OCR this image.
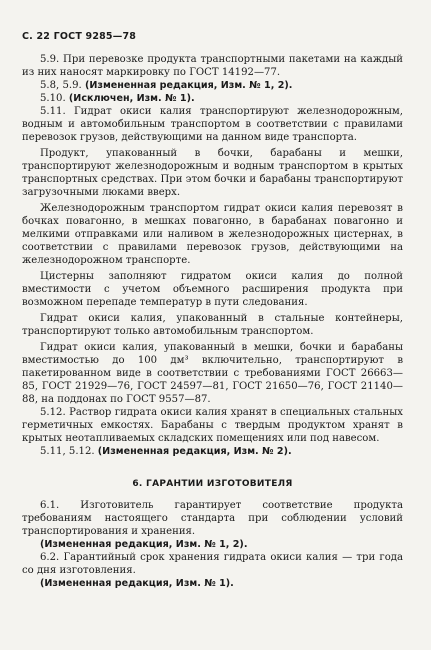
С. 22 ГОСТ 9285—78

5.9. При перевозке продукта транспортными пакетами на каждый из них наносят маркировку по ГОСТ 14192—77.

5.8, 5.9. (Измененная редакция, Изм. № 1, 2).

5.10. (Исключен, Изм. № 1).

5.11. Гидрат окиси калия транспортируют железнодорожным, водным и автомобильным транспортом в соответствии с правилами перевозок грузов, действующими на данном виде транспорта.

Продукт, упакованный в бочки, барабаны и мешки, транспортируют железнодорожным и водным транспортом в крытых транспортных средствах. При этом бочки и барабаны транспортируют загрузочными люками вверх.

Железнодорожным транспортом гидрат окиси калия перевозят в бочках повагонно, в мешках повагонно, в барабанах повагонно и мелкими отправками или наливом в железнодорожных цистернах, в соответствии с правилами перевозок грузов, действующими на железнодорожном транспорте.

Цистерны заполняют гидратом окиси калия до полной вместимости с учетом объемного расширения продукта при возможном перепаде температур в пути следования.

Гидрат окиси калия, упакованный в стальные контейнеры, транспортируют только автомобильным транспортом.

Гидрат окиси калия, упакованный в мешки, бочки и барабаны вместимостью до 100 дм³ включительно, транспортируют в пакетированном виде в соответствии с требованиями ГОСТ 26663—85, ГОСТ 21929—76, ГОСТ 24597—81, ГОСТ 21650—76, ГОСТ 21140—88, на поддонах по ГОСТ 9557—87.

5.12. Раствор гидрата окиси калия хранят в специальных стальных герметичных емкостях. Барабаны с твердым продуктом хранят в крытых неотапливаемых складских помещениях или под навесом.

5.11, 5.12. (Измененная редакция, Изм. № 2).

6. ГАРАНТИИ ИЗГОТОВИТЕЛЯ

6.1. Изготовитель гарантирует соответствие продукта требованиям настоящего стандарта при соблюдении условий транспортирования и хранения.

(Измененная редакция, Изм. № 1, 2).

6.2. Гарантийный срок хранения гидрата окиси калия — три года со дня изготовления.

(Измененная редакция, Изм. № 1).
